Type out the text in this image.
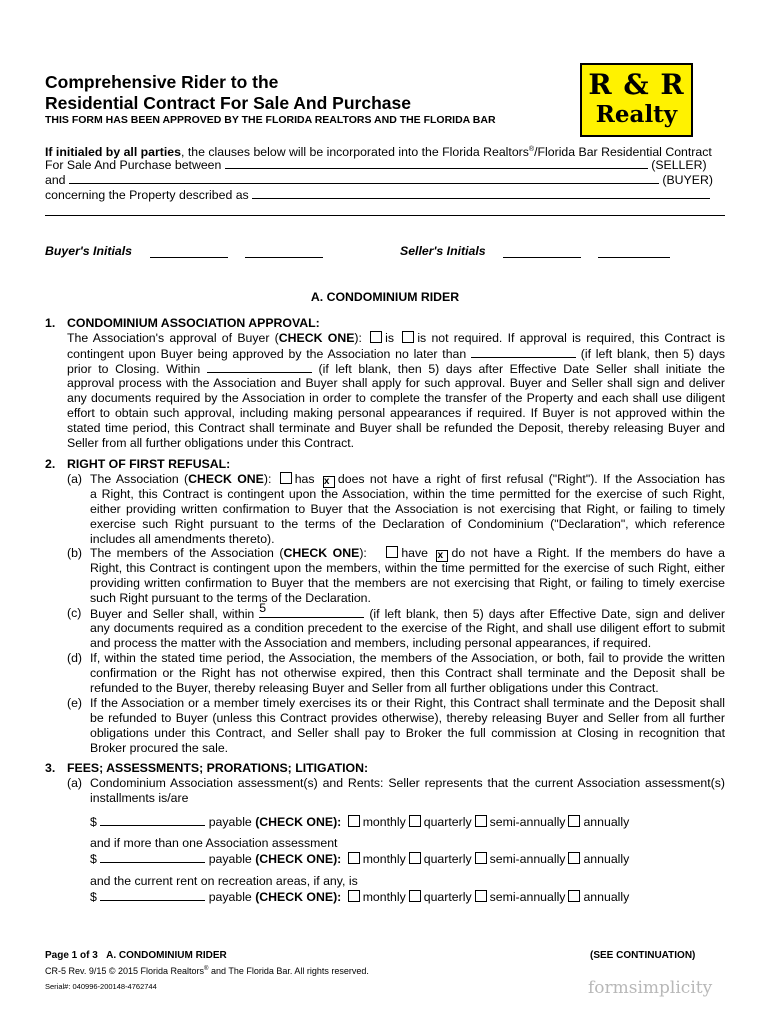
Comprehensive Rider to the
Residential Contract For Sale And Purchase
THIS FORM HAS BEEN APPROVED BY THE FLORIDA REALTORS AND THE FLORIDA BAR
R & R
Realty
If initialed by all parties, the clauses below will be incorporated into the Florida Realtors®/Florida Bar Residential Contract
For Sale And Purchase between	(SELLER)
and	(BUYER)
concerning the Property described as
Buyer's Initials	Seller's Initials
A. CONDOMINIUM RIDER
1. CONDOMINIUM ASSOCIATION APPROVAL:
The Association's approval of Buyer (CHECK ONE): is is not required. If approval is required, this Contract is
contingent upon Buyer being approved by the Association no later than	(if left blank, then 5) days
prior to Closing. Within	(if left blank, then 5) days after Effective Date Seller shall initiate the
approval process with the Association and Buyer shall apply for such approval. Buyer and Seller shall sign and deliver any documents required by the Association in order to complete the transfer of the Property and each shall use diligent effort to obtain such approval, including making personal appearances if required. If Buyer is not approved within the stated time period, this Contract shall terminate and Buyer shall be refunded the Deposit, thereby releasing Buyer and Seller from all further obligations under this Contract.
2. RIGHT OF FIRST REFUSAL:
(a) The Association (CHECK ONE): has x does not have a right of first refusal ("Right"). If the Association has
a Right, this Contract is contingent upon the Association, within the time permitted for the exercise of such Right, either providing written confirmation to Buyer that the Association is not exercising that Right, or failing to timely exercise such Right pursuant to the terms of the Declaration of Condominium ("Declaration", which reference includes all amendments thereto).
(b) The members of the Association (CHECK ONE):	have x do not have a Right. If the members do have a
Right, this Contract is contingent upon the members, within the time permitted for the exercise of such Right, either providing written confirmation to Buyer that the members are not exercising that Right, or failing to timely exercise such Right pursuant to the terms of the Declaration.
(c) Buyer and Seller shall, within 5	(if left blank, then 5) days after Effective Date, sign and deliver
any documents required as a condition precedent to the exercise of the Right, and shall use diligent effort to submit and process the matter with the Association and members, including personal appearances, if required.
(d) If, within the stated time period, the Association, the members of the Association, or both, fail to provide the written confirmation or the Right has not otherwise expired, then this Contract shall terminate and the Deposit shall be refunded to the Buyer, thereby releasing Buyer and Seller from all further obligations under this Contract.
(e) If the Association or a member timely exercises its or their Right, this Contract shall terminate and the Deposit shall be refunded to Buyer (unless this Contract provides otherwise), thereby releasing Buyer and Seller from all further obligations under this Contract, and Seller shall pay to Broker the full commission at Closing in recognition that Broker procured the sale.
3. FEES; ASSESSMENTS; PRORATIONS; LITIGATION:
(a) Condominium Association assessment(s) and Rents: Seller represents that the current Association assessment(s) installments is/are
$	payable (CHECK ONE): monthly quarterly semi-annually annually
and if more than one Association assessment
$	payable (CHECK ONE): monthly quarterly semi-annually annually
and the current rent on recreation areas, if any, is
$	payable (CHECK ONE): monthly quarterly semi-annually annually
Page 1 of 3 A. CONDOMINIUM RIDER	(SEE CONTINUATION)
CR-5 Rev. 9/15 © 2015 Florida Realtors® and The Florida Bar. All rights reserved.
Serial#: 040996-200148-4762744	formsimplicity
